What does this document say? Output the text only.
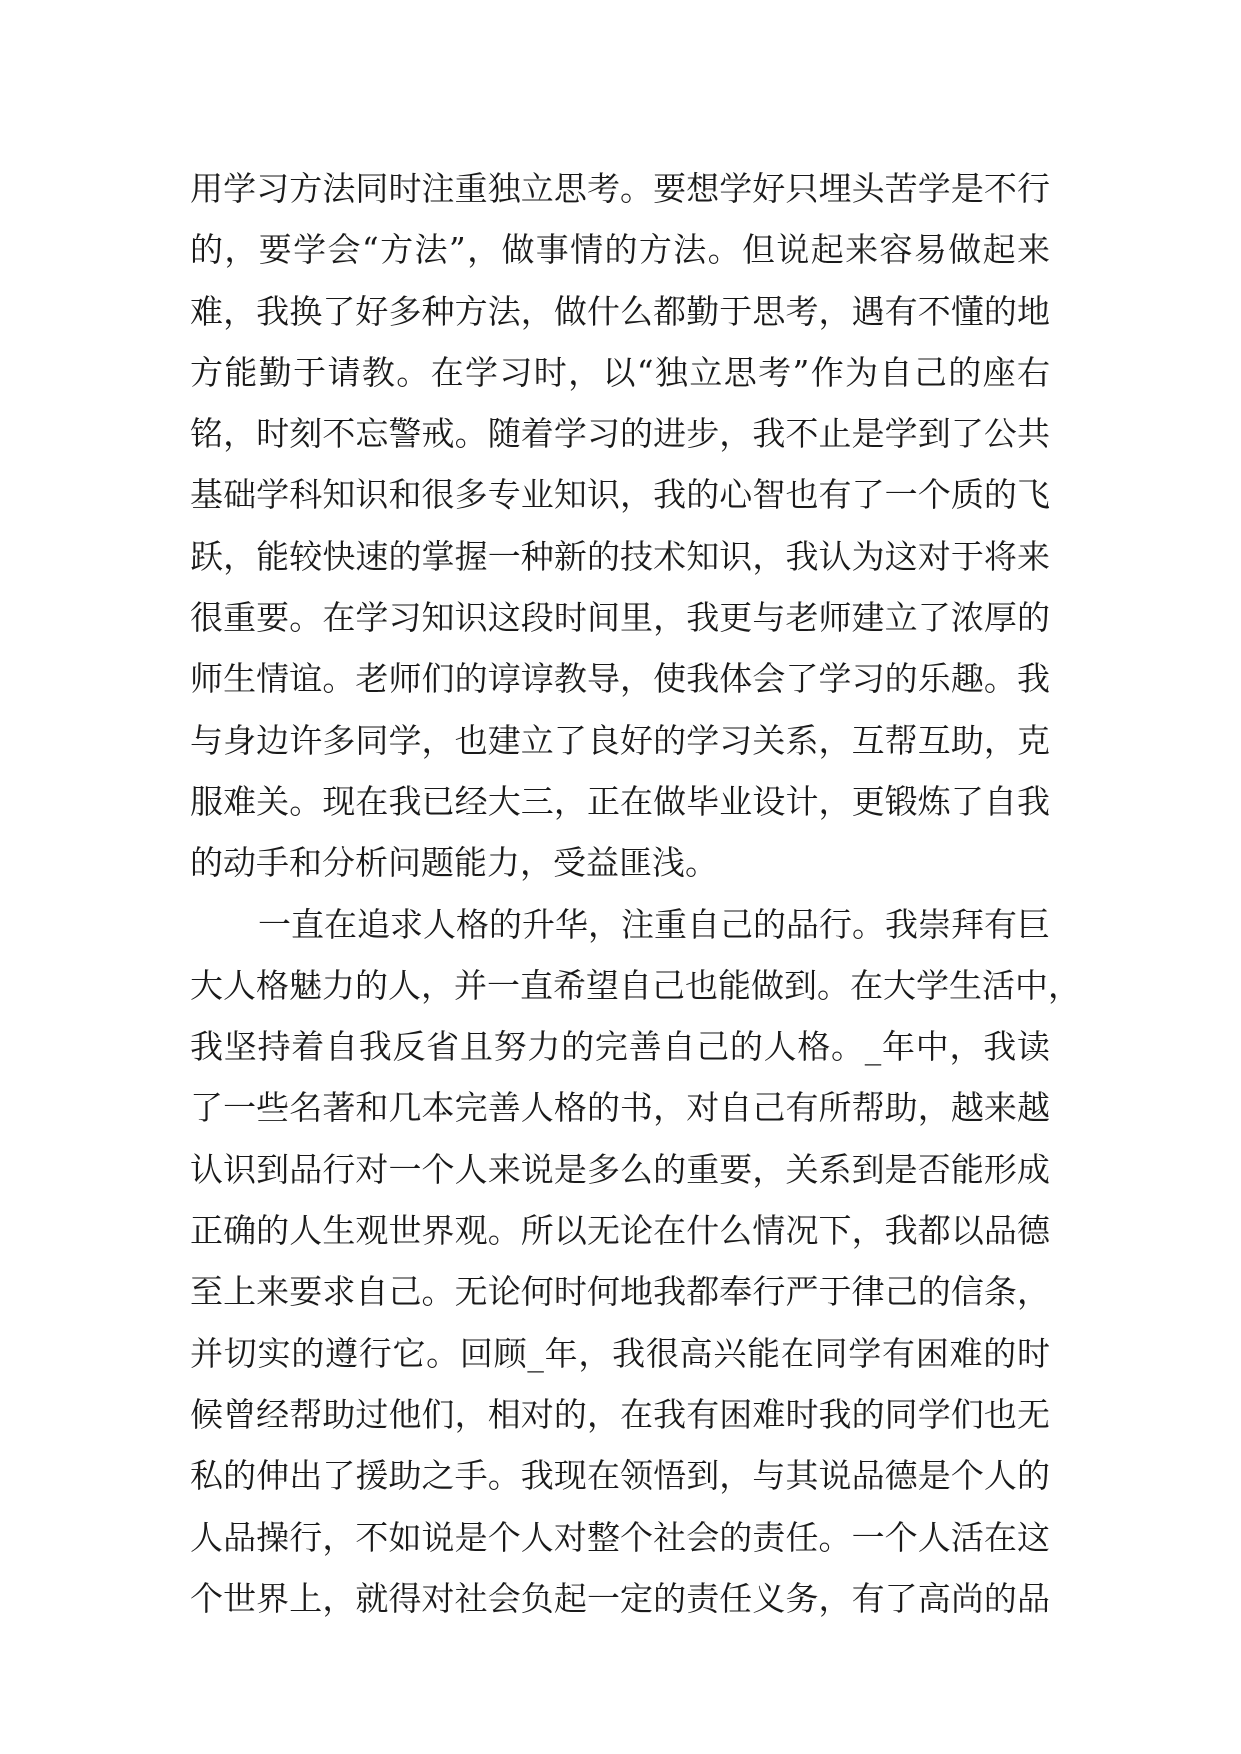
用学习方法同时注重独立思考。要想学好只埋头苦学是不行
的，要学会“方法”，做事情的方法。但说起来容易做起来
难，我换了好多种方法，做什么都勤于思考，遇有不懂的地
方能勤于请教。在学习时，以“独立思考”作为自己的座右
铭，时刻不忘警戒。随着学习的进步，我不止是学到了公共
基础学科知识和很多专业知识，我的心智也有了一个质的飞
跃，能较快速的掌握一种新的技术知识，我认为这对于将来
很重要。在学习知识这段时间里，我更与老师建立了浓厚的
师生情谊。老师们的谆谆教导，使我体会了学习的乐趣。我
与身边许多同学，也建立了良好的学习关系，互帮互助，克
服难关。现在我已经大三，正在做毕业设计，更锻炼了自我
的动手和分析问题能力，受益匪浅。
一直在追求人格的升华，注重自己的品行。我崇拜有巨
大人格魅力的人，并一直希望自己也能做到。在大学生活中，
我坚持着自我反省且努力的完善自己的人格。_年中，我读
了一些名著和几本完善人格的书，对自己有所帮助，越来越
认识到品行对一个人来说是多么的重要，关系到是否能形成
正确的人生观世界观。所以无论在什么情况下，我都以品德
至上来要求自己。无论何时何地我都奉行严于律己的信条，
并切实的遵行它。回顾_年，我很高兴能在同学有困难的时
候曾经帮助过他们，相对的，在我有困难时我的同学们也无
私的伸出了援助之手。我现在领悟到，与其说品德是个人的
人品操行，不如说是个人对整个社会的责任。一个人活在这
个世界上，就得对社会负起一定的责任义务，有了高尚的品
